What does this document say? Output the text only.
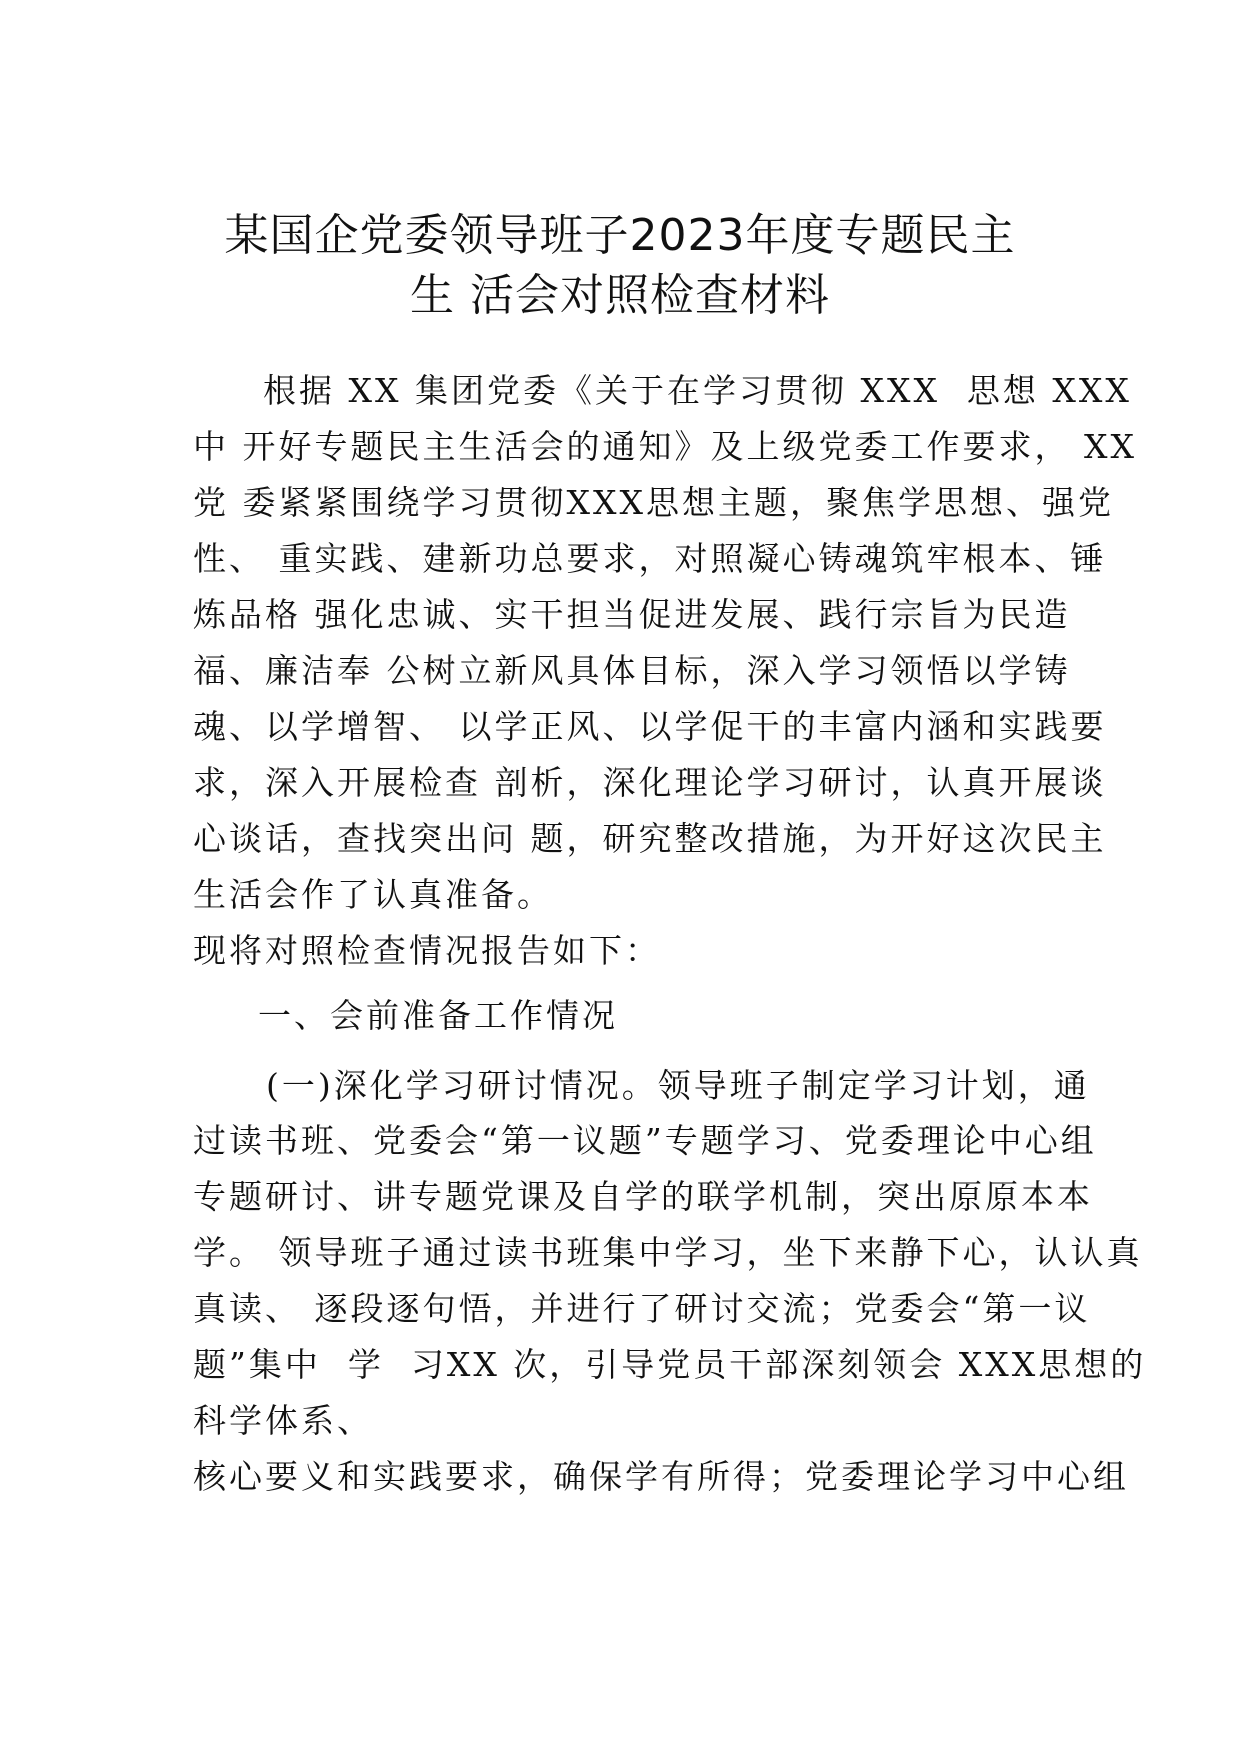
某国企党委领导班子2023年度专题民主
生 活会对照检查材料
根据 XX 集团党委《关于在学习贯彻 XXX  思想 XXX
中 开好专题民主生活会的通知》及上级党委工作要求， XX
党 委紧紧围绕学习贯彻XXX思想主题，聚焦学思想、强党
性、 重实践、建新功总要求，对照凝心铸魂筑牢根本、锤
炼品格 强化忠诚、实干担当促进发展、践行宗旨为民造
福、廉洁奉 公树立新风具体目标，深入学习领悟以学铸
魂、以学增智、 以学正风、以学促干的丰富内涵和实践要
求，深入开展检查 剖析，深化理论学习研讨，认真开展谈
心谈话，查找突出问 题，研究整改措施，为开好这次民主
生活会作了认真准备。
现将对照检查情况报告如下：
一、会前准备工作情况
(一)深化学习研讨情况。领导班子制定学习计划，通
过读书班、党委会“第一议题”专题学习、党委理论中心组
专题研讨、讲专题党课及自学的联学机制，突出原原本本
学。 领导班子通过读书班集中学习，坐下来静下心，认认真
真读、 逐段逐句悟，并进行了研讨交流；党委会“第一议
题”集中  学  习XX 次，引导党员干部深刻领会 XXX思想的
科学体系、
核心要义和实践要求，确保学有所得；党委理论学习中心组
